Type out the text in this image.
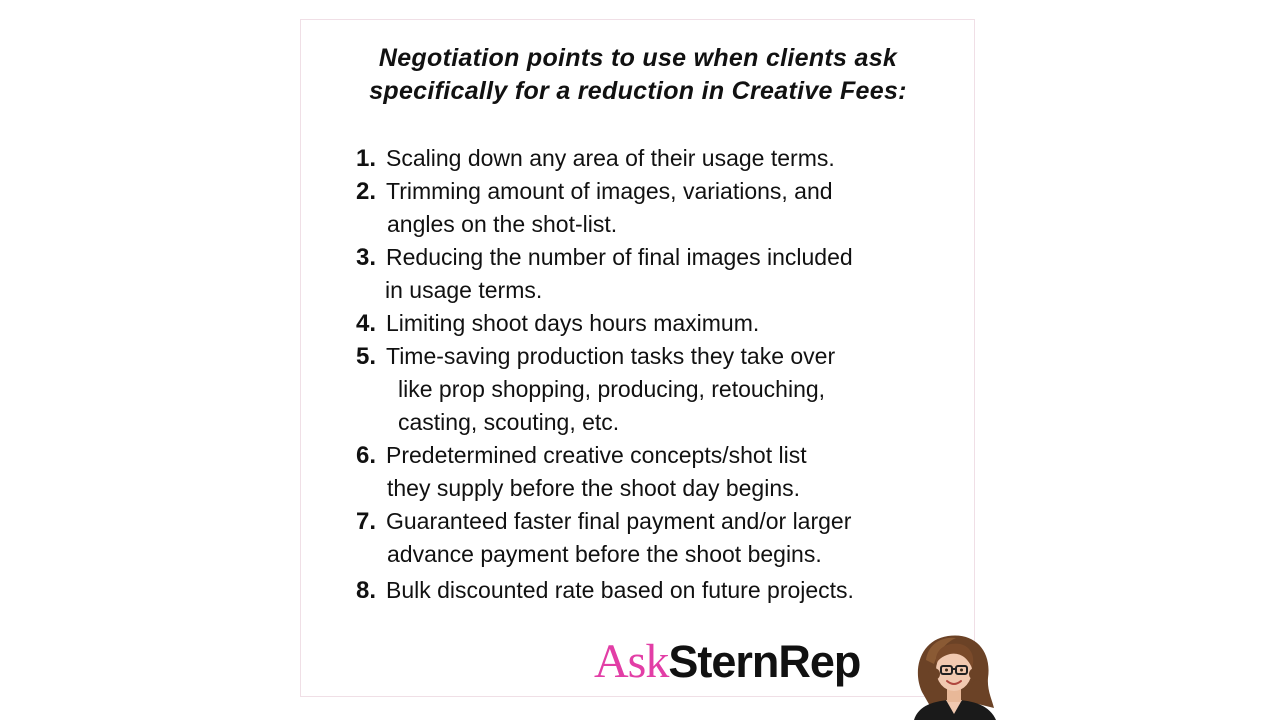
Negotiation points to use when clients ask
specifically for a reduction in Creative Fees:
1. Scaling down any area of their usage terms.
2. Trimming amount of images, variations, and
angles on the shot-list.
3. Reducing the number of final images included
in usage terms.
4. Limiting shoot days hours maximum.
5. Time-saving production tasks they take over
like prop shopping, producing, retouching,
casting, scouting, etc.
6. Predetermined creative concepts/shot list
they supply before the shoot day begins.
7. Guaranteed faster final payment and/or larger
advance payment before the shoot begins.
8. Bulk discounted rate based on future projects.
AskSternRep
